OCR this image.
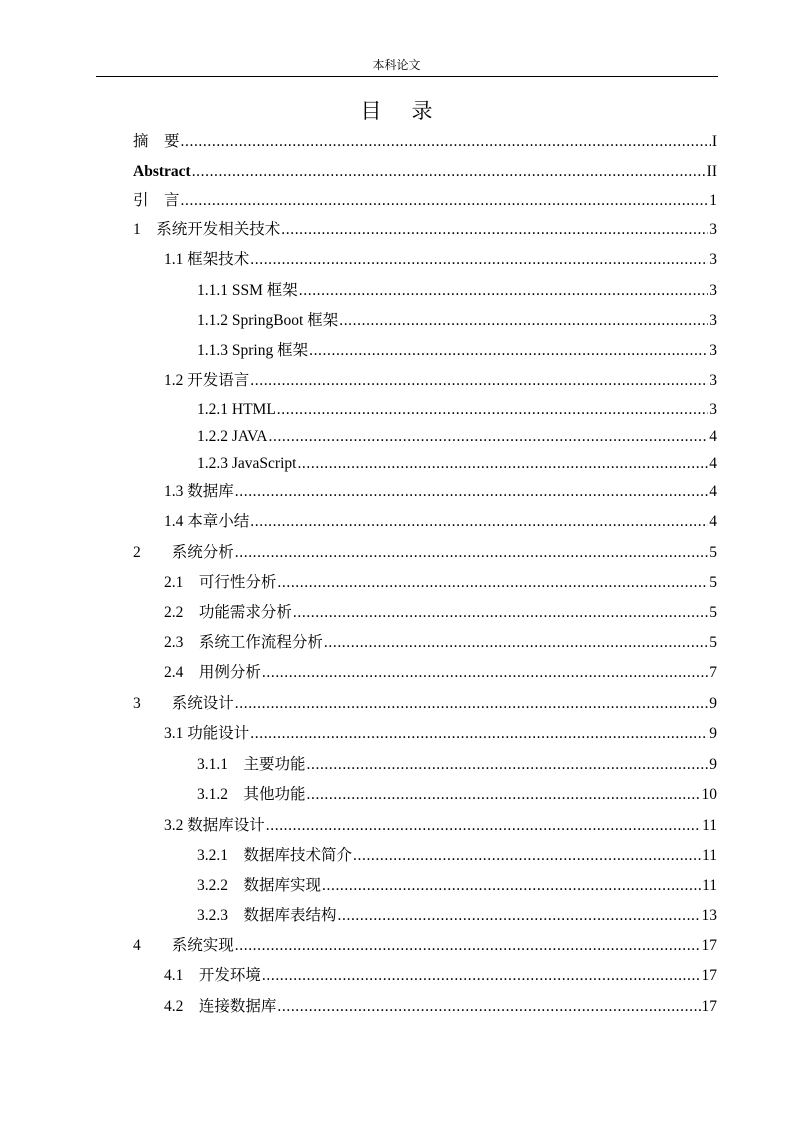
本科论文
目录
摘　要 .....	I
Abstract .....	II
引　言 .....	1
1　系统开发相关技术 .....	3
1.1 框架技术 .....	3
1.1.1 SSM 框架 .....	3
1.1.2 SpringBoot 框架 .....	3
1.1.3 Spring 框架 .....	3
1.2 开发语言 .....	3
1.2.1 HTML .....	3
1.2.2 JAVA .....	4
1.2.3 JavaScript .....	4
1.3 数据库 .....	4
1.4 本章小结 .....	4
2　　系统分析 .....	5
2.1　可行性分析 .....	5
2.2　功能需求分析 .....	5
2.3　系统工作流程分析 .....	5
2.4　用例分析 .....	7
3　　系统设计 .....	9
3.1 功能设计 .....	9
3.1.1　主要功能 .....	9
3.1.2　其他功能 .....	10
3.2 数据库设计 .....	11
3.2.1　数据库技术简介 .....	11
3.2.2　数据库实现 .....	11
3.2.3　数据库表结构 .....	13
4　　系统实现 .....	17
4.1　开发环境 .....	17
4.2　连接数据库 .....	17
